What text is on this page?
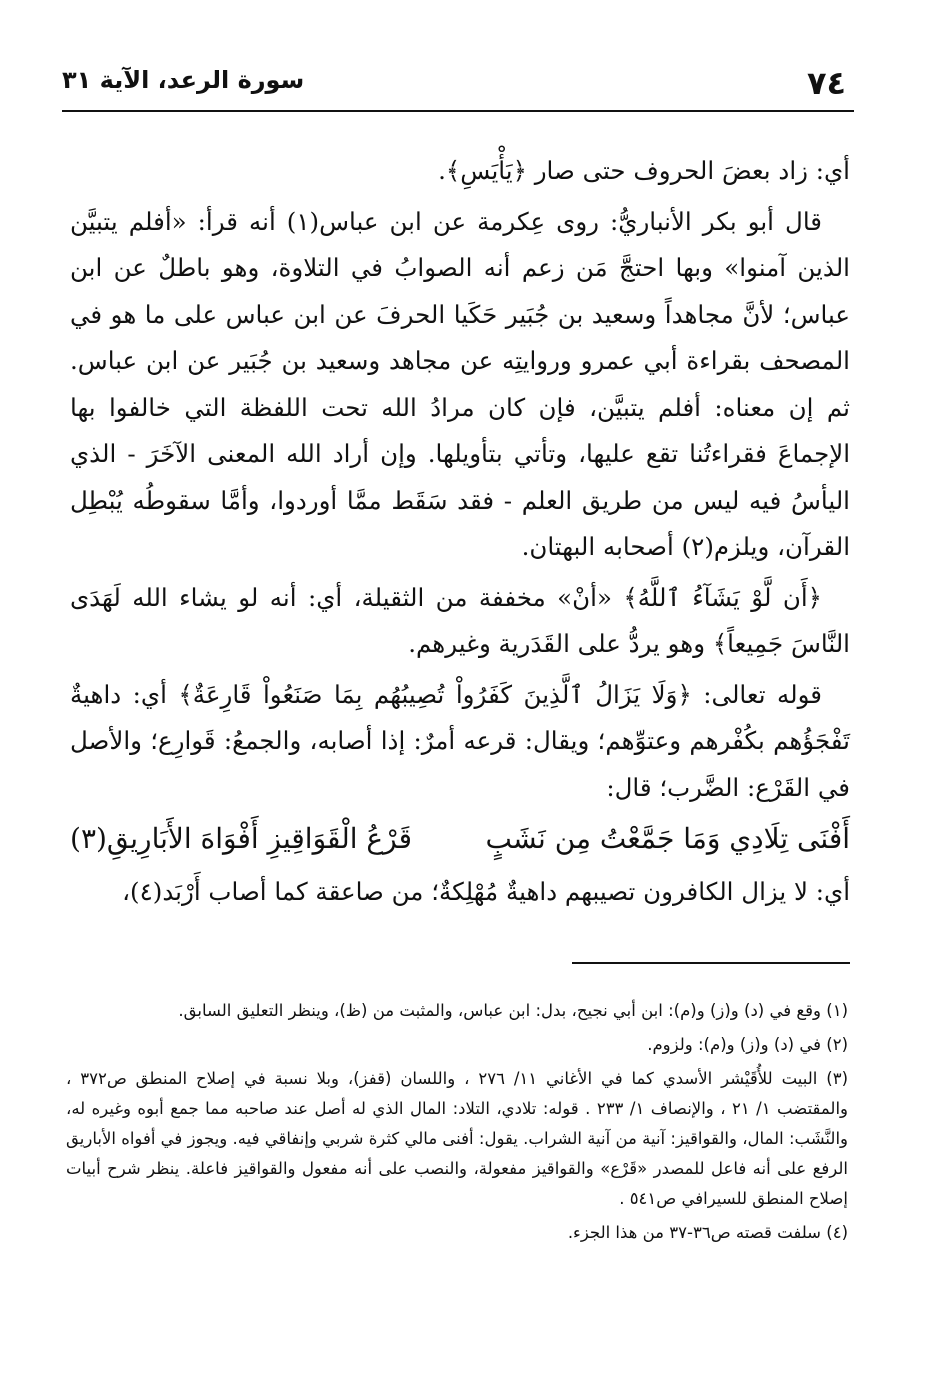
سورة الرعد، الآية ٣١	٧٤

أي: زاد بعضَ الحروف حتى صار ﴿يَأْيَسِ﴾.

قال أبو بكر الأنباريُّ: روى عِكرمة عن ابن عباس(١) أنه قرأ: «أفلم يتبيَّن الذين آمنوا» وبها احتجَّ مَن زعم أنه الصوابُ في التلاوة، وهو باطلٌ عن ابن عباس؛ لأنَّ مجاهداً وسعيد بن جُبَير حَكَيا الحرفَ عن ابن عباس على ما هو في المصحف بقراءة أبي عمرو وروايتِه عن مجاهد وسعيد بن جُبَير عن ابن عباس. ثم إن معناه: أفلم يتبيَّن، فإن كان مرادُ الله تحت اللفظة التي خالفوا بها الإجماعَ فقراءتُنا تقع عليها، وتأتي بتأويلها. وإن أراد الله المعنى الآخَرَ - الذي اليأسُ فيه ليس من طريق العلم - فقد سَقَط ممَّا أوردوا، وأمَّا سقوطُه يُبْطِل القرآن، ويلزم(٢) أصحابه البهتان.

﴿أَن لَّوْ يَشَآءُ ٱللَّهُ﴾ «أنْ» مخففة من الثقيلة، أي: أنه لو يشاء الله لَهَدَى النَّاسَ جَمِيعاً﴾ وهو يردُّ على القَدَرية وغيرهم.

قوله تعالى: ﴿وَلَا يَزَالُ ٱلَّذِينَ كَفَرُواْ تُصِيبُهُم بِمَا صَنَعُواْ قَارِعَةٌ﴾ أي: داهيةٌ تَفْجَؤُهم بكُفْرهم وعتوِّهم؛ ويقال: قرعه أمرٌ: إذا أصابه، والجمعُ: قَوارِع؛ والأصل في القَرْع: الضَّرب؛ قال:

أَفْنَى تِلَادِي وَمَا جَمَّعْتُ مِن نَشَبٍ
قَرْعُ الْقَوَاقِيزِ أَفْوَاهَ الأَبَارِيقِ(٣)

أي: لا يزال الكافرون تصيبهم داهيةٌ مُهْلِكةٌ؛ من صاعقة كما أصاب أَرْبَد(٤)،

(١) وقع في (د) و(ز) و(م): ابن أبي نجيح، بدل: ابن عباس، والمثبت من (ظ)، وينظر التعليق السابق.

(٢) في (د) و(ز) و(م): ولزوم.

(٣) البيت للأُقَيْشر الأسدي كما في الأغاني ١١/ ٢٧٦ ، واللسان (قفز)، وبلا نسبة في إصلاح المنطق ص٣٧٢ ، والمقتضب ١/ ٢١ ، والإنصاف ١/ ٢٣٣ . قوله: تلادي، التلاد: المال الذي له أصل عند صاحبه مما جمع أبوه وغيره له، والنَّشَب: المال، والقواقيز: آنية من آنية الشراب. يقول: أفنى مالي كثرة شربي وإنفاقي فيه. ويجوز في أفواه الأباريق الرفع على أنه فاعل للمصدر «قَرْع» والقواقيز مفعولة، والنصب على أنه مفعول والقواقيز فاعلة. ينظر شرح أبيات إصلاح المنطق للسيرافي ص٥٤١ .

(٤) سلفت قصته ص٣٦-٣٧ من هذا الجزء.
